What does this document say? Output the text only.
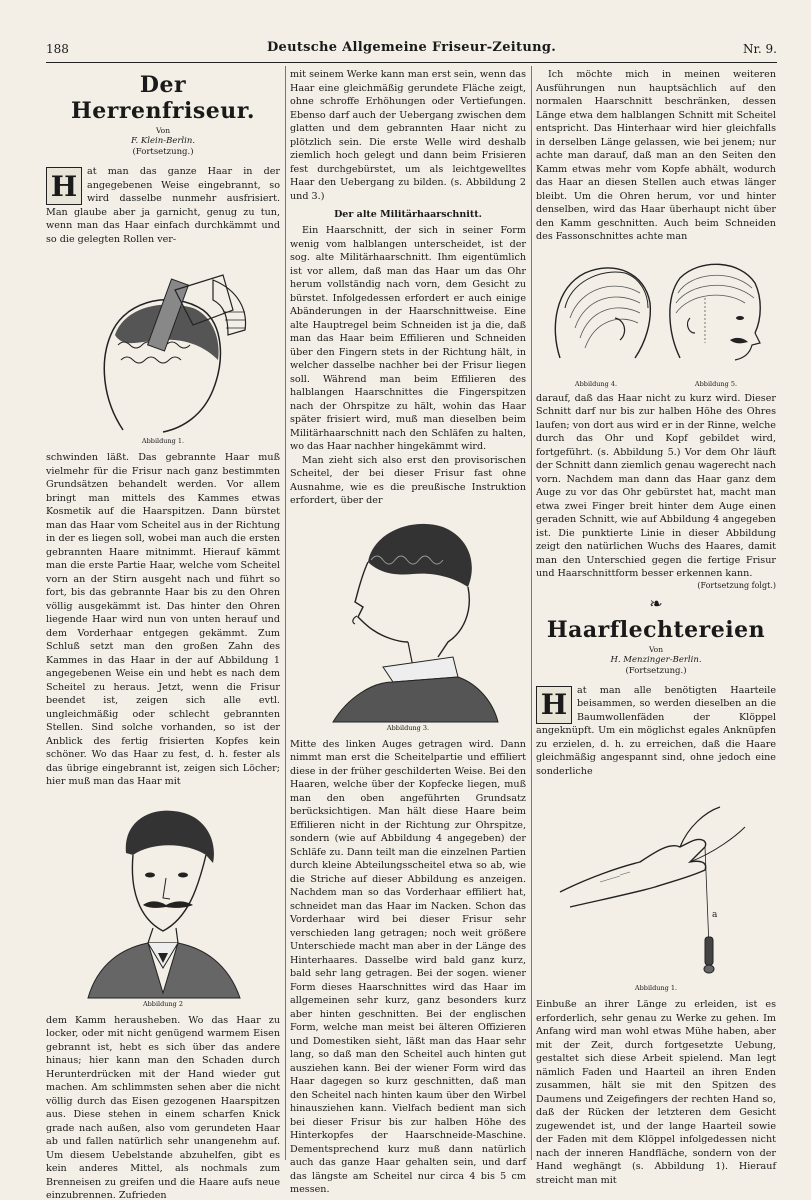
188	Deutsche Allgemeine Friseur-Zeitung.	Nr. 9.
Der Herrenfriseur.

Von

F. Klein-Berlin.

(Fortsetzung.)

H	at man das ganze Haar in der angegebenen Weise eingebrannt, so wird dasselbe nunmehr ausfrisiert. Man glaube aber ja garnicht, genug zu tun, wenn man das Haar einfach durchkämmt und so die gelegten Rollen ver-

Abbildung 1.

schwinden läßt. Das gebrannte Haar muß vielmehr für die Frisur nach ganz bestimmten Grundsätzen behandelt werden. Vor allem bringt man mittels des Kammes etwas Kosmetik auf die Haarspitzen. Dann bürstet man das Haar vom Scheitel aus in der Richtung in der es liegen soll, wobei man auch die ersten gebrannten Haare mitnimmt. Hierauf kämmt man die erste Partie Haar, welche vom Scheitel vorn an der Stirn ausgeht nach und führt so fort, bis das gebrannte Haar bis zu den Ohren völlig ausgekämmt ist. Das hinter den Ohren liegende Haar wird nun von unten herauf und dem Vorderhaar entgegen gekämmt. Zum Schluß setzt man den großen Zahn des Kammes in das Haar in der auf Abbildung 1 angegebenen Weise ein und hebt es nach dem Scheitel zu heraus. Jetzt, wenn die Frisur beendet ist, zeigen sich alle evtl. ungleichmäßig oder schlecht gebrannten Stellen. Sind solche vorhanden, so ist der Anblick des fertig frisierten Kopfes kein schöner. Wo das Haar zu fest, d. h. fester als das übrige eingebrannt ist, zeigen sich Löcher; hier muß man das Haar mit

Abbildung 2

dem Kamm herausheben. Wo das Haar zu locker, oder mit nicht genügend warmem Eisen gebrannt ist, hebt es sich über das andere hinaus; hier kann man den Schaden durch Herunterdrücken mit der Hand wieder gut machen. Am schlimmsten sehen aber die nicht völlig durch das Eisen gezogenen Haarspitzen aus. Diese stehen in einem scharfen Knick grade nach außen, also vom gerundeten Haar ab und fallen natürlich sehr unangenehm auf. Um diesem Uebelstande abzuhelfen, gibt es kein anderes Mittel, als nochmals zum Brenneisen zu greifen und die Haare aufs neue einzubrennen. Zufrieden

mit seinem Werke kann man erst sein, wenn das Haar eine gleichmäßig gerundete Fläche zeigt, ohne schroffe Erhöhungen oder Vertiefungen. Ebenso darf auch der Uebergang zwischen dem glatten und dem gebrannten Haar nicht zu plötzlich sein. Die erste Welle wird deshalb ziemlich hoch gelegt und dann beim Frisieren fest durchgebürstet, um als leichtgewelltes Haar den Uebergang zu bilden. (s. Abbildung 2 und 3.)

Der alte Militärhaarschnitt.

Ein Haarschnitt, der sich in seiner Form wenig vom halblangen unterscheidet, ist der sog. alte Militärhaarschnitt. Ihm eigentümlich ist vor allem, daß man das Haar um das Ohr herum vollständig nach vorn, dem Gesicht zu bürstet. Infolgedessen erfordert er auch einige Abänderungen in der Haarschnittweise. Eine alte Hauptregel beim Schneiden ist ja die, daß man das Haar beim Effilieren und Schneiden über den Fingern stets in der Richtung hält, in welcher dasselbe nachher bei der Frisur liegen soll. Während man beim Effilieren des halblangen Haarschnittes die Fingerspitzen nach der Ohrspitze zu hält, wohin das Haar später frisiert wird, muß man dieselben beim Militärhaarschnitt nach den Schläfen zu halten, wo das Haar nachher hingekämmt wird.

Man zieht sich also erst den provisorischen Scheitel, der bei dieser Frisur fast ohne Ausnahme, wie es die preußische Instruktion erfordert, über der

Abbildung 3.

Mitte des linken Auges getragen wird. Dann nimmt man erst die Scheitelpartie und effiliert diese in der früher geschilderten Weise. Bei den Haaren, welche über der Kopfecke liegen, muß man den oben angeführten Grundsatz berücksichtigen. Man hält diese Haare beim Effilieren nicht in der Richtung zur Ohrspitze, sondern (wie auf Abbildung 4 angegeben) der Schläfe zu. Dann teilt man die einzelnen Partien durch kleine Abteilungsscheitel etwa so ab, wie die Striche auf dieser Abbildung es anzeigen. Nachdem man so das Vorderhaar effiliert hat, schneidet man das Haar im Nacken. Schon das Vorderhaar wird bei dieser Frisur sehr verschieden lang getragen; noch weit größere Unterschiede macht man aber in der Länge des Hinterhaares. Dasselbe wird bald ganz kurz, bald sehr lang getragen. Bei der sogen. wiener Form dieses Haarschnittes wird das Haar im allgemeinen sehr kurz, ganz besonders kurz aber hinten geschnitten. Bei der englischen Form, welche man meist bei älteren Offizieren und Domestiken sieht, läßt man das Haar sehr lang, so daß man den Scheitel auch hinten gut ausziehen kann. Bei der wiener Form wird das Haar dagegen so kurz geschnitten, daß man den Scheitel nach hinten kaum über den Wirbel hinausziehen kann. Vielfach bedient man sich bei dieser Frisur bis zur halben Höhe des Hinterkopfes der Haarschneide-Maschine. Dementsprechend kurz muß dann natürlich auch das ganze Haar gehalten sein, und darf das längste am Scheitel nur circa 4 bis 5 cm messen.

Ich möchte mich in meinen weiteren Ausführungen nun hauptsächlich auf den normalen Haarschnitt beschränken, dessen Länge etwa dem halblangen Schnitt mit Scheitel entspricht. Das Hinterhaar wird hier gleichfalls in derselben Länge gelassen, wie bei jenem; nur achte man darauf, daß man an den Seiten den Kamm etwas mehr vom Kopfe abhält, wodurch das Haar an diesen Stellen auch etwas länger bleibt. Um die Ohren herum, vor und hinter denselben, wird das Haar überhaupt nicht über den Kamm geschnitten. Auch beim Schneiden des Fassonschnittes achte man

Abbildung 4.	Abbildung 5.

darauf, daß das Haar nicht zu kurz wird. Dieser Schnitt darf nur bis zur halben Höhe des Ohres laufen; von dort aus wird er in der Rinne, welche durch das Ohr und Kopf gebildet wird, fortgeführt. (s. Abbildung 5.) Vor dem Ohr läuft der Schnitt dann ziemlich genau wagerecht nach vorn. Nachdem man dann das Haar ganz dem Auge zu vor das Ohr gebürstet hat, macht man etwa zwei Finger breit hinter dem Auge einen geraden Schnitt, wie auf Abbildung 4 angegeben ist. Die punktierte Linie in dieser Abbildung zeigt den natürlichen Wuchs des Haares, damit man den Unterschied gegen die fertige Frisur und Haarschnittform besser erkennen kann.

(Fortsetzung folgt.)

❧
Haarflechtereien

Von

H. Menzinger-Berlin.

(Fortsetzung.)

H	at man alle benötigten Haarteile beisammen, so werden dieselben an die Baumwollenfäden der Klöppel angeknüpft. Um ein möglichst egales Anknüpfen zu erzielen, d. h. zu erreichen, daß die Haare gleichmäßig angespannt sind, ohne jedoch eine sonderliche

a

Abbildung 1.

Einbuße an ihrer Länge zu erleiden, ist es erforderlich, sehr genau zu Werke zu gehen. Im Anfang wird man wohl etwas Mühe haben, aber mit der Zeit, durch fortgesetzte Uebung, gestaltet sich diese Arbeit spielend. Man legt nämlich Faden und Haarteil an ihren Enden zusammen, hält sie mit den Spitzen des Daumens und Zeigefingers der rechten Hand so, daß der Rücken der letzteren dem Gesicht zugewendet ist, und der lange Haarteil sowie der Faden mit dem Klöppel infolgedessen nicht nach der inneren Handfläche, sondern von der Hand weghängt (s. Abbildung 1). Hierauf streicht man mit
